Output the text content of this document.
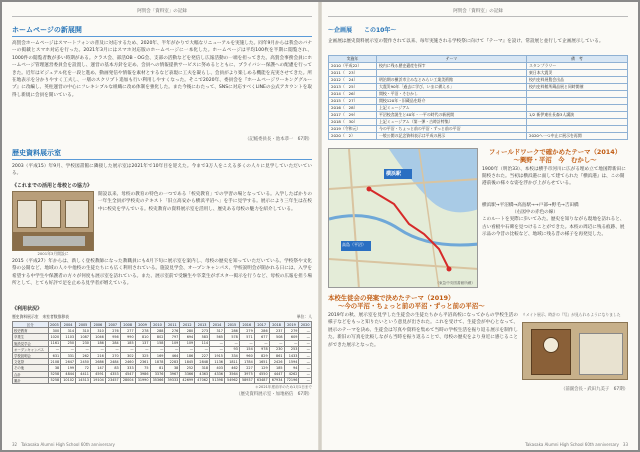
阿賀会「資料室」の記録
ホームページの新展開
高賀会ホームページはスマートフォンの普及に対応するため、2020年、半年がかりで大幅なリニューアルを実施した。同年9月からは我会のバナーの掲載とスマホ対応を行った。2021年3月にはスマホ対応版のホームページに一本化した。ホームページは平均100枚を半期に閲覧され、1000件の閲覧者数が多い時期がある。クラス会、部活OB・OG会、支部の活動などを発信し広報活動の一端を担ってきた。高賀会事務会員にホームページ管理運営委員会を設置し、運営の基本方針を定め、会員への情報提供サービスに努めるとともに、プライバシー保護への配慮を行ってきた。近年はビジュアル化を一段と進め、動画発信や情報を素材とするなど表現に工夫を凝らし、会員がより楽しめる機能を充実させてきた。所在地表示を分かりやすく工夫し、一層のスクリプト追加も行い利用しやすくなった。そこで2020年、委員会を『ホームページワーキンググループ』に改編し、英柱運営の中心にフレキシブルな組織に改め体制を強化した。また今後にわたって、SNSに対応すべくLINEの公式アカウントを取得し新規に会員を開いている。
（記帳委員長・池本恭一　67期）
歴史資料展示室
2003（平成15）年9月、学校図書館に隣接した展示室は2021年で10年目を迎えた。今まで3万人をこえる多くの人々に見学していただいている。
《これまでの活用と母校との協力》
2001年3月開設に
開設以来、母校の教育の特色の一つである「校史教育」での学習の場となっている。入学したばかりの一年生全員が学校史のテキスト「旧立高安から横浜平沼へ」を手に見学する。展示により三年生は在校中に校史を学んでいる。校史教育の資料展示室を活用し、歴史ある母校の魅力を紹介している。
2015（平成27）年からは、新しく登校教師になった教職員にも4月下旬に展示室を案内し、母校の歴史を知っていただいている。学校祭や文化祭の公開など、地域の人々や他校の生徒たちにも広く利用されている。施設見学会、オープンキャンパス、学校説明会が開かれる日には、入学を希望する中学生や保護者の方々が何度も展示室を訪れている。また、展示室前で受験生や卒業生がポスター掲示を行うなど、母校の広報を担う場所として、とても好評で足を止める見学者が増えている。
《利用状況》
歴史資料展示室　来室者数推移表	単位：人
区分	2003	2004	2005	2006	2007	2008	2009	2010	2011	2012	2013	2014	2015	2016	2017	2018	2019	2020
校史教育	300	314	310	310	276	277	278	288	276	280	273	317	286	279	286	237	279	—
卒業生	1020	1103	1087	1046	956	990	810	802	797	694	583	565	578	571	677	508	609	—
施設見学会	1161	250	230	186	284	185	137	158	109	109	114	—	—	—	—	—	—	—
オープンキャンパス	—	—	—	—	—	—	—	—	—	—	—	—	93	154	978	230	253	—
学校説明会	631	331	262	216	270	302	325	169	464	186	227	1915	334	960	829	861	1433	—
文化祭	2108	2647	2450	2686	2484	2460	2361	1878	2283	1845	2848	1136	1811	1784	1651	2426	1594	—
その他	38	199	72	147	83	333	75	81	38	252	318	403	462	227	129	185	94	—
合計	5258	4844	4411	4591	4353	4547	3986	3376	3967	3366	4363	4336	3564	3975	4550	4447	4262	—
累計	5258	10102	14513	19104	23457	28004	31990	35366	39333	42699	47062	51398	54962	58937	63487	67934	72196	—
＊2021年度前半のため1月1日まで
（歴史資料展示室・加地裕信　67期）
32　Takasaka Alumni High School 60th anniversary
阿賀会「資料室」の記録
～企画展　　この10年～
企画展は歴史資料展示室の製作されて以来、毎年実施される学校祭に向けて『テーマ』を設け、常設展と並行して企画展示している。
実施年	テーマ	備　考
2010（平成22）	校内に残る歴史遺産を探す	スタンプラリー
2011（　23）		東日本大震災
2012（　24）	明治期の横浜市立みなとみらい工業美術館	校内史料展覧会出品
2013（　25）	大震災90年「過去に学び、いまに備える」	校内史料館所蔵品展と同時開催
2014（　26）	開校・平沼・そむかし	
2015（　27）	開校120年・旧蔵品を紹介	
2016（　28）	上記ミュージアム	
2017（　29）	平沼校舎誕生と40年・一平の時代の新展開	1/2 新伊東社長森3人講演
2018（　30）	上記ミュージアム（第一弾・古時計特集）	
2019（令和元）	今の平沼・ちょっと前の平沼・ずっと前の平沼	
2020（　2）	一般公開の記念資料表示は平成の展示	2020へ一つ中止に展示を再開
横浜駅
高島（平沼）
（東急中央図書館所蔵）
フィールドワークで確かめたテーマ（2014）
～興野・平沼　今　むかし～
1900年（明治33）、本校は横手市河川に広がる埋め立て地国際新田に開校された。当初は横浜港に面して建てられた『横浜港』は、この開港前後の様々な姿を浮かび上がらせている。
横浜駅→平沼橋→高島駅→→戸部→野毛→吉田橋
（右図中の赤色の線）
このルートを実際に歩いてみた。歴史を知りながら現地を訪れると、古い看板や石碑を見つけることができた。本校の周辺に残る痕跡、展示品の今昔の比較など、地域に残る昔の様子を再発見した。
本校生徒会の発案で決めたテーマ（2019）
～今の平沼・ちょっと前の平沼・ずっと前の平沼～
2019年の秋、展示室を見学した生徒会の生徒たちから平沼高校になってからの学校生活の様子などをもっと知りたいという意見が出された。これを受けて、生徒会が中心となって、展示のテーマを決め、生徒会は写真や資料を集めて当時の学校生活を振り返る展示を制作した。新旧の写真を比較しながら当時を振り返ることで、母校の歴史をより身近に感じることができた展示となった。
リメイト展示、時計の『写』が見られるようになりました
（前副会長・武田九美子　67期）
Takasaka Alumni High School 60th anniversary　33
